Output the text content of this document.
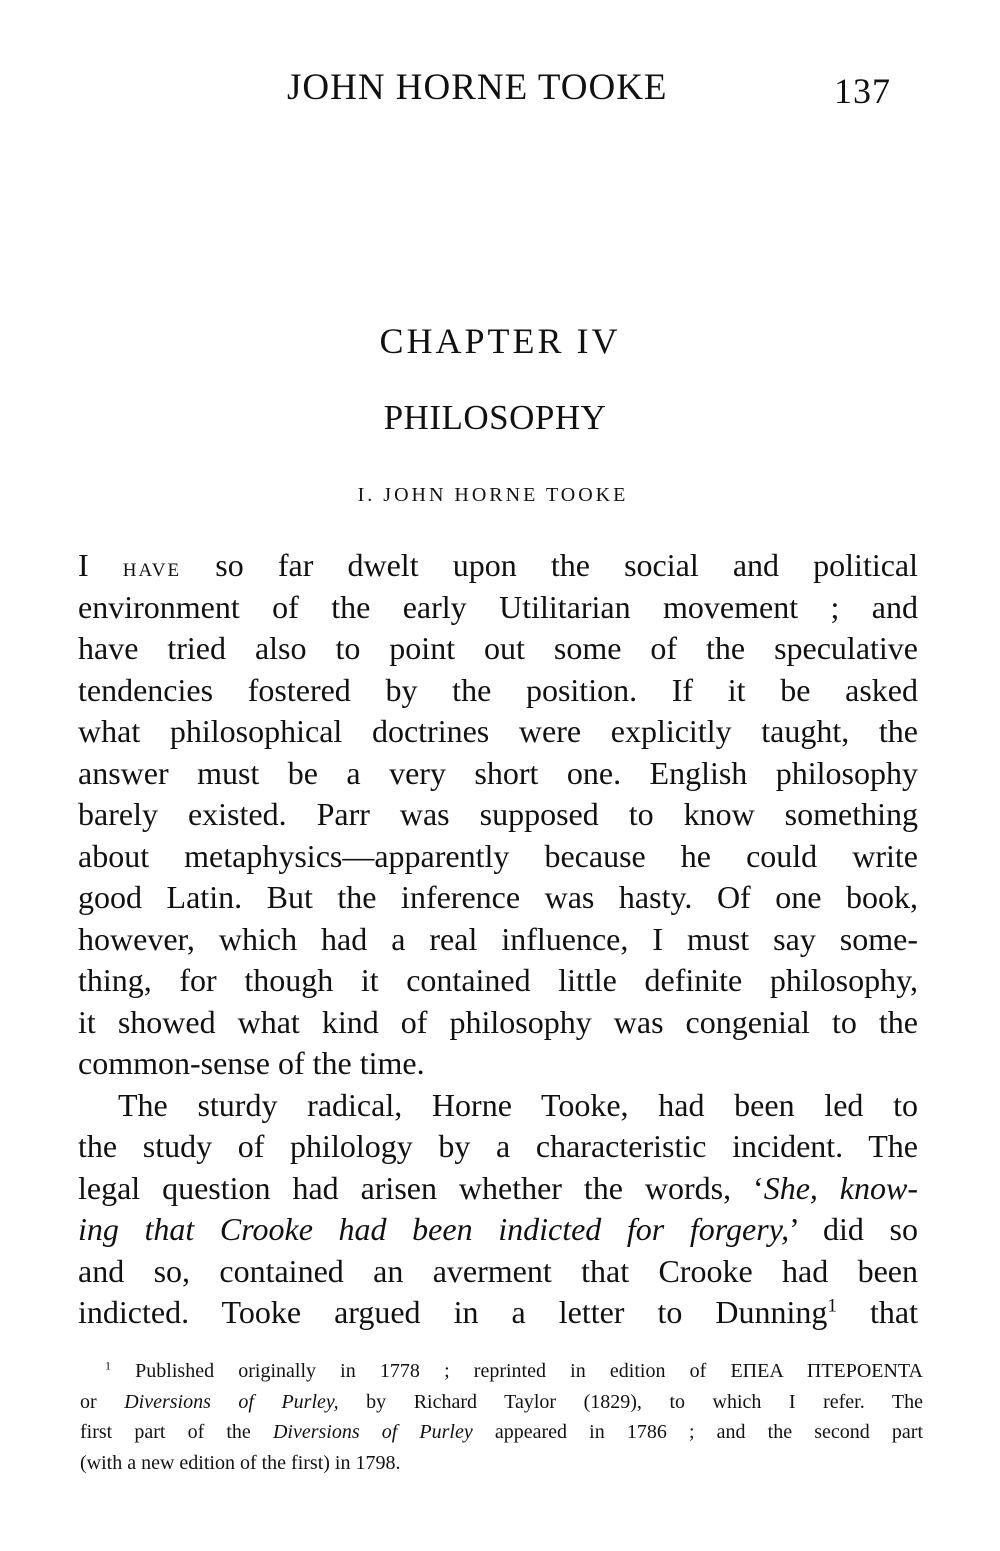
JOHN HORNE TOOKE	137
CHAPTER IV
PHILOSOPHY
I. JOHN HORNE TOOKE
I HAVE so far dwelt upon the social and political
environment of the early Utilitarian movement ; and
have tried also to point out some of the speculative
tendencies fostered by the position. If it be asked
what philosophical doctrines were explicitly taught, the
answer must be a very short one. English philosophy
barely existed. Parr was supposed to know something
about metaphysics—apparently because he could write
good Latin. But the inference was hasty. Of one book,
however, which had a real influence, I must say some-
thing, for though it contained little definite philosophy,
it showed what kind of philosophy was congenial to the
common-sense of the time.
The sturdy radical, Horne Tooke, had been led to
the study of philology by a characteristic incident. The
legal question had arisen whether the words, ‘She, know-
ing that Crooke had been indicted for forgery,’ did so
and so, contained an averment that Crooke had been
indicted. Tooke argued in a letter to Dunning$^1$ that
$^1$ Published originally in 1778 ; reprinted in edition of ΕΠΕΑ ΠΤΕΡΟΕΝΤΑ
or Diversions of Purley, by Richard Taylor (1829), to which I refer. The
first part of the Diversions of Purley appeared in 1786 ; and the second part
(with a new edition of the first) in 1798.
